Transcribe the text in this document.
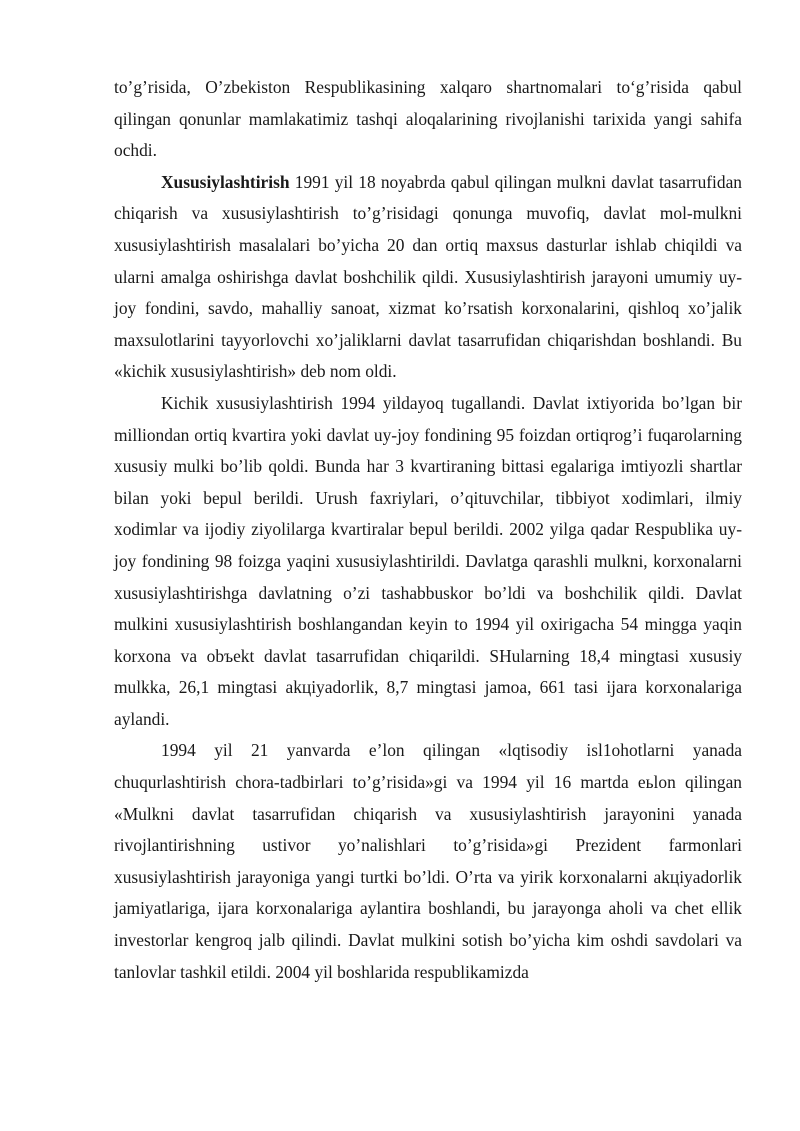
to’g’risida, O’zbekiston Respublikasining xalqaro shartnomalari to‘g’risida qabul qilingan qonunlar mamlakatimiz tashqi aloqalarining rivojlanishi tarixida yangi sahifa ochdi.

Xususiylashtirish 1991 yil 18 noyabrda qabul qilingan mulkni davlat tasarrufidan chiqarish va xususiylashtirish to’g’risidagi qonunga muvofiq, davlat mol-mulkni xususiylashtirish masalalari bo’yicha 20 dan ortiq maxsus dasturlar ishlab chiqildi va ularni amalga oshirishga davlat boshchilik qildi. Xususiylashtirish jarayoni umumiy uy-joy fondini, savdo, mahalliy sanoat, xizmat ko’rsatish korxonalarini, qishloq xo’jalik maxsulotlarini tayyorlovchi xo’jaliklarni davlat tasarrufidan chiqarishdan boshlandi. Bu «kichik xususiylashtirish» deb nom oldi.

Kichik xususiylashtirish 1994 yildayoq tugallandi. Davlat ixtiyorida bo’lgan bir milliondan ortiq kvartira yoki davlat uy-joy fondining 95 foizdan ortiqrog’i fuqarolarning xususiy mulki bo’lib qoldi. Bunda har 3 kvartiraning bittasi egalariga imtiyozli shartlar bilan yoki bepul berildi. Urush faxriylari, o’qituvchilar, tibbiyot xodimlari, ilmiy xodimlar va ijodiy ziyolilarga kvartiralar bepul berildi. 2002 yilga qadar Respublika uy-joy fondining 98 foizga yaqini xususiylashtirildi. Davlatga qarashli mulkni, korxonalarni xususiylashtirishga davlatning o’zi tashabbuskor bo’ldi va boshchilik qildi. Davlat mulkini xususiylashtirish boshlangandan keyin to 1994 yil oxirigacha 54 mingga yaqin korxona va obъekt davlat tasarrufidan chiqarildi. SHularning 18,4 mingtasi xususiy mulkka, 26,1 mingtasi akцiyadorlik, 8,7 mingtasi jamoa, 661 tasi ijara korxonalariga aylandi.

1994 yil 21 yanvarda e’lon qilingan «lqtisodiy isl1ohotlarni yanada chuqurlashtirish chora-tadbirlari to’g’risida»gi va 1994 yil 16 martda eьlon qilingan «Mulkni davlat tasarrufidan chiqarish va xususiylashtirish jarayonini yanada rivojlantirishning ustivor yo’nalishlari to’g’risida»gi Prezident farmonlari xususiylashtirish jarayoniga yangi turtki bo’ldi. O’rta va yirik korxonalarni akцiyadorlik jamiyatlariga, ijara korxonalariga aylantira boshlandi, bu jarayonga aholi va chet ellik investorlar kengroq jalb qilindi. Davlat mulkini sotish bo’yicha kim oshdi savdolari va tanlovlar tashkil etildi. 2004 yil boshlarida respublikamizda
